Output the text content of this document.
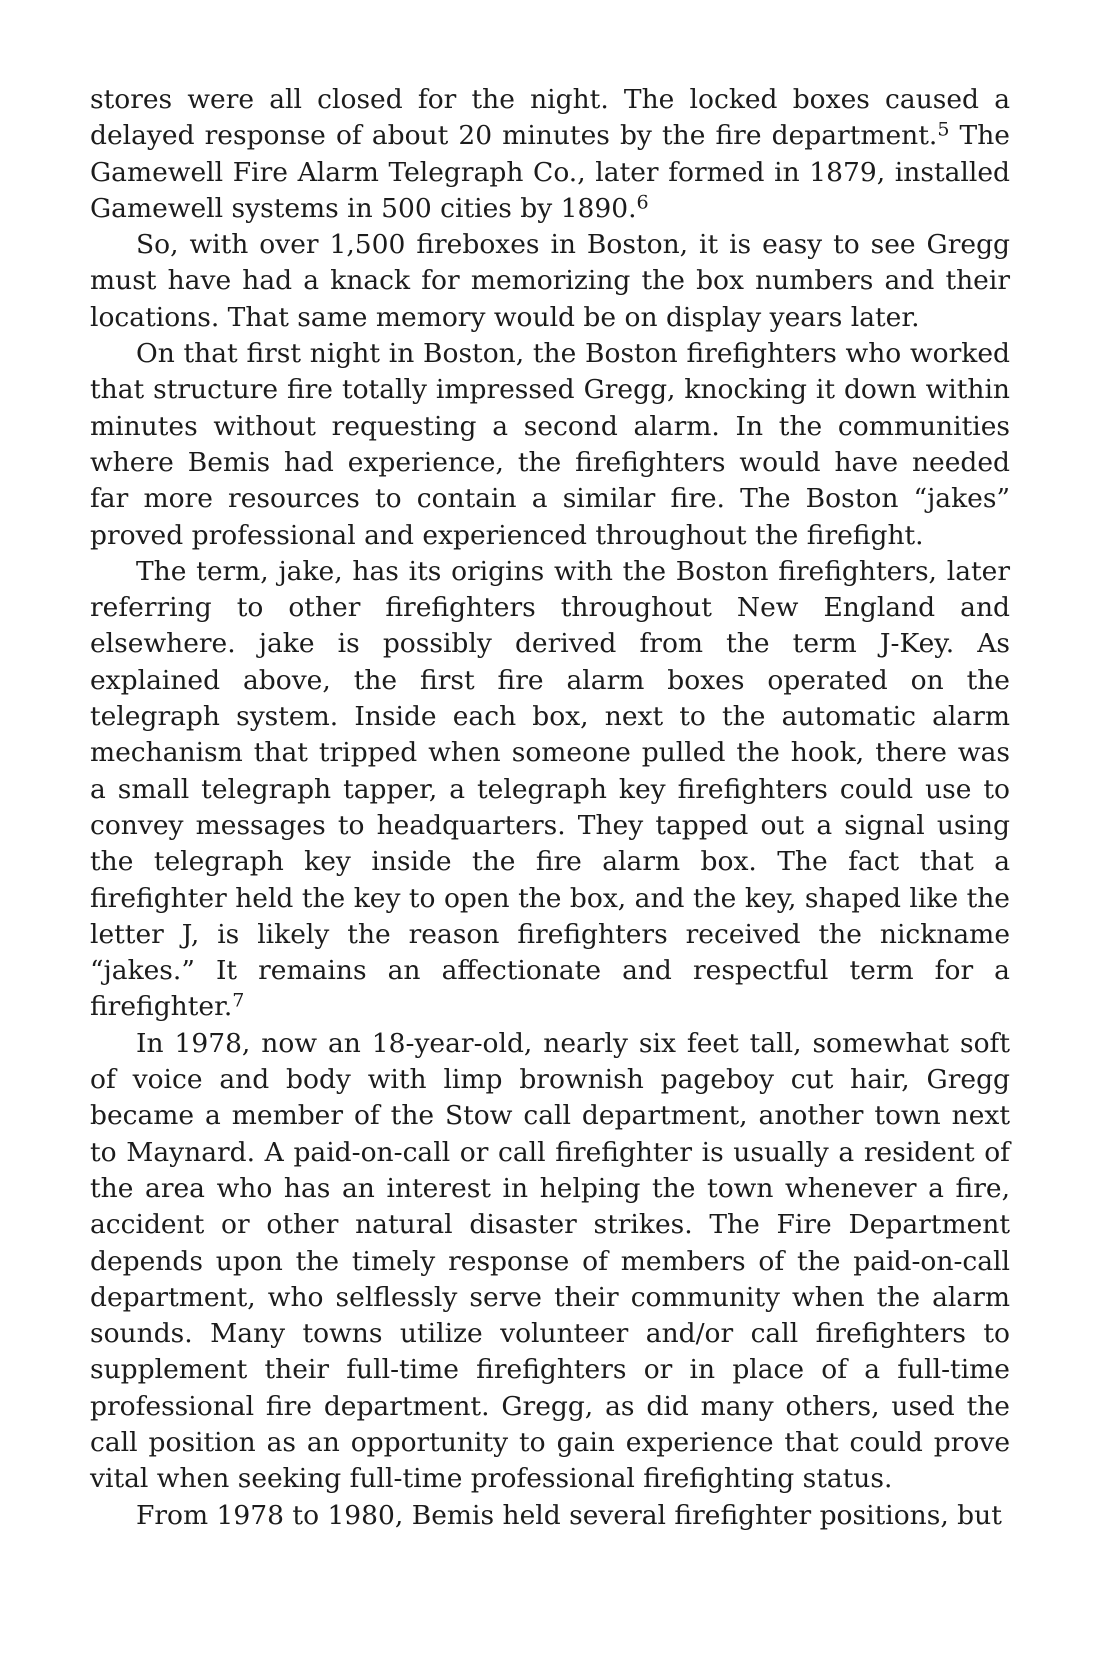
stores were all closed for the night. The locked boxes caused a delayed response of about 20 minutes by the fire department.$^5$ The Gamewell Fire Alarm Telegraph Co., later formed in 1879, installed Gamewell systems in 500 cities by 1890.$^6$

So, with over 1,500 fireboxes in Boston, it is easy to see Gregg must have had a knack for memorizing the box numbers and their locations. That same memory would be on display years later.

On that first night in Boston, the Boston firefighters who worked that structure fire totally impressed Gregg, knocking it down within minutes without requesting a second alarm. In the communities where Bemis had experience, the firefighters would have needed far more resources to contain a similar fire. The Boston “jakes” proved professional and experienced throughout the firefight.

The term, jake, has its origins with the Boston firefighters, later referring to other firefighters throughout New England and elsewhere. jake is possibly derived from the term J-Key. As explained above, the first fire alarm boxes operated on the telegraph system. Inside each box, next to the automatic alarm mechanism that tripped when someone pulled the hook, there was a small telegraph tapper, a telegraph key firefighters could use to convey messages to headquarters. They tapped out a signal using the telegraph key inside the fire alarm box. The fact that a firefighter held the key to open the box, and the key, shaped like the letter J, is likely the reason firefighters received the nickname “jakes.” It remains an affectionate and respectful term for a firefighter.$^7$

In 1978, now an 18-year-old, nearly six feet tall, somewhat soft of voice and body with limp brownish pageboy cut hair, Gregg became a member of the Stow call department, another town next to Maynard. A paid-on-call or call firefighter is usually a resident of the area who has an interest in helping the town whenever a fire, accident or other natural disaster strikes. The Fire Department depends upon the timely response of members of the paid-on-call department, who selflessly serve their community when the alarm sounds. Many towns utilize volunteer and/or call firefighters to supplement their full-time firefighters or in place of a full-time professional fire department. Gregg, as did many others, used the call position as an opportunity to gain experience that could prove vital when seeking full-time professional firefighting status.

From 1978 to 1980, Bemis held several firefighter positions, but
